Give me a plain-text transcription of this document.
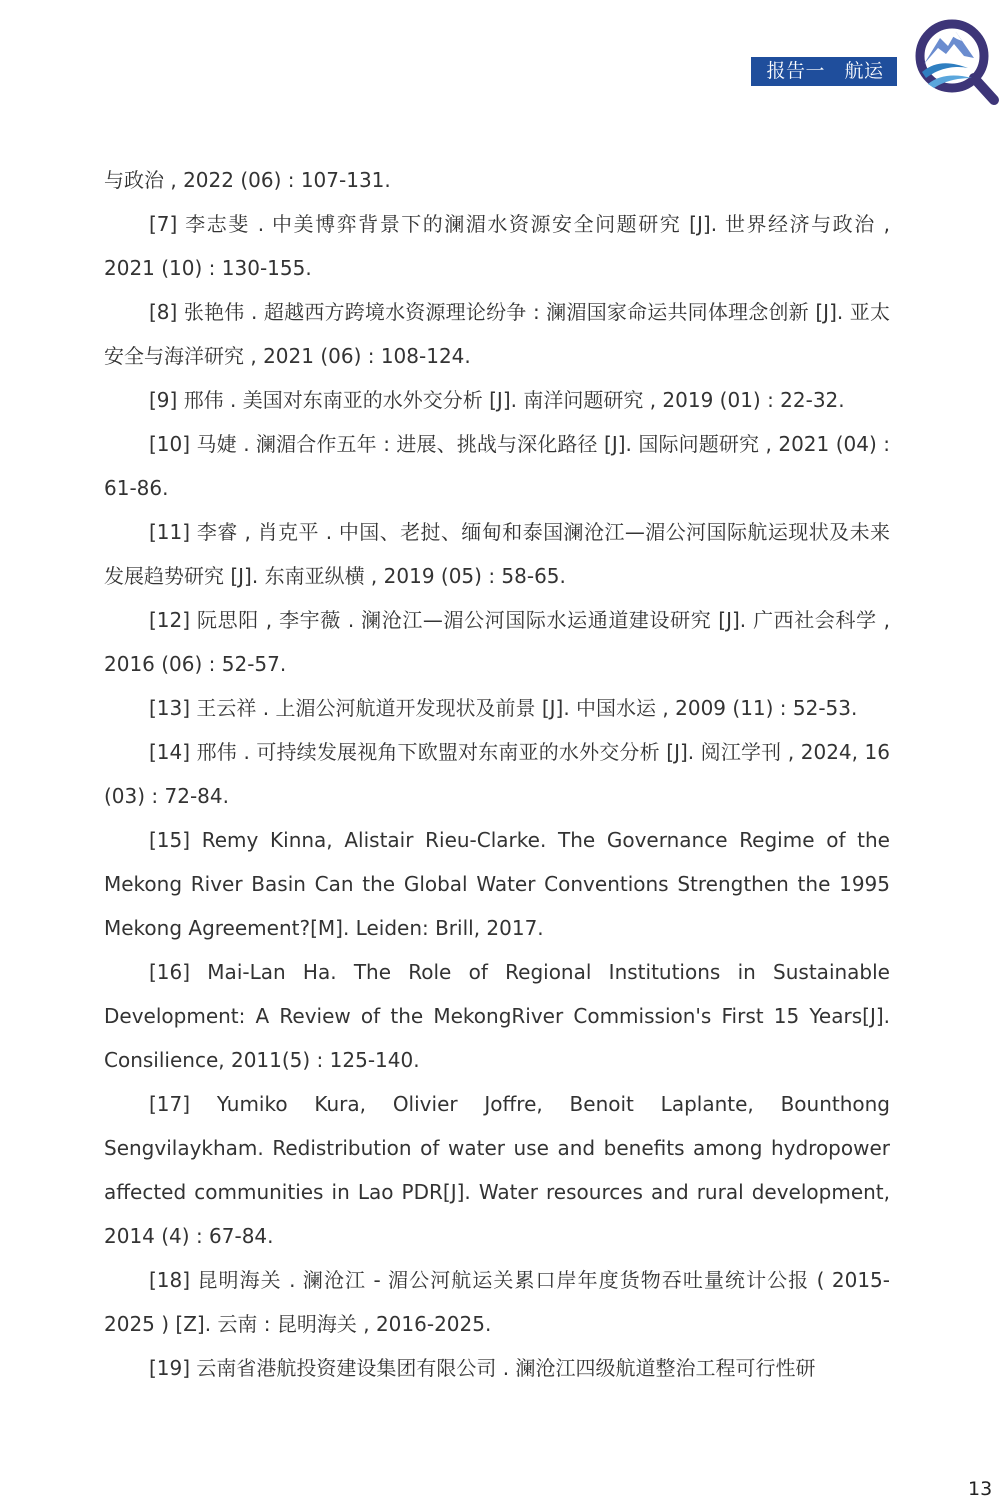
报告一   航运

与政治 , 2022 (06) : 107-131.

[7] 李志斐 . 中美博弈背景下的澜湄水资源安全问题研究 [J]. 世界经济与政治 , 2021 (10) : 130-155.

[8] 张艳伟 . 超越西方跨境水资源理论纷争 : 澜湄国家命运共同体理念创新 [J]. 亚太安全与海洋研究 , 2021 (06) : 108-124.

[9] 邢伟 . 美国对东南亚的水外交分析 [J]. 南洋问题研究 , 2019 (01) : 22-32.

[10] 马婕 . 澜湄合作五年 : 进展、挑战与深化路径 [J]. 国际问题研究 , 2021 (04) : 61-86.

[11] 李睿 , 肖克平 . 中国、老挝、缅甸和泰国澜沧江—湄公河国际航运现状及未来发展趋势研究 [J]. 东南亚纵横 , 2019 (05) : 58-65.

[12] 阮思阳 , 李宇薇 . 澜沧江—湄公河国际水运通道建设研究 [J]. 广西社会科学 , 2016 (06) : 52-57.

[13] 王云祥 . 上湄公河航道开发现状及前景 [J]. 中国水运 , 2009 (11) : 52-53.

[14] 邢伟 . 可持续发展视角下欧盟对东南亚的水外交分析 [J]. 阅江学刊 , 2024, 16 (03) : 72-84.

[15] Remy Kinna, Alistair Rieu-Clarke. The Governance Regime of the Mekong River Basin Can the Global Water Conventions Strengthen the 1995 Mekong Agreement?[M]. Leiden: Brill, 2017.

[16] Mai-Lan Ha. The Role of Regional Institutions in Sustainable Development: A Review of the MekongRiver Commission's First 15 Years[J]. Consilience, 2011(5) : 125-140.

[17] Yumiko Kura, Olivier Joffre, Benoit Laplante, Bounthong Sengvilaykham. Redistribution of water use and benefits among hydropower affected communities in Lao PDR[J]. Water resources and rural development, 2014 (4) : 67-84.

[18] 昆明海关 . 澜沧江 - 湄公河航运关累口岸年度货物吞吐量统计公报 ( 2015-2025 ) [Z]. 云南 : 昆明海关 , 2016-2025.

[19] 云南省港航投资建设集团有限公司 . 澜沧江四级航道整治工程可行性研

13
